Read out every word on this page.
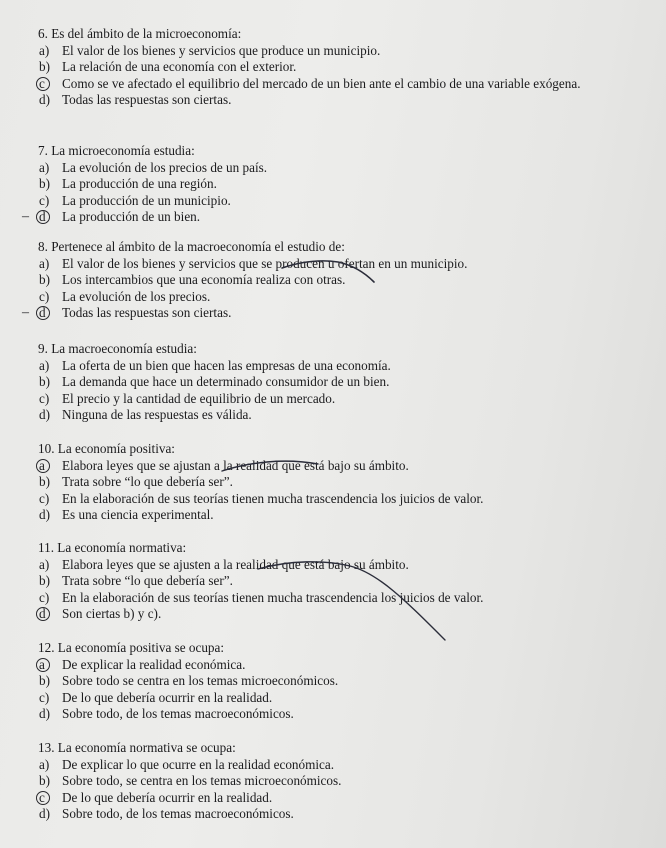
6. Es del ámbito de la microeconomía:
a) El valor de los bienes y servicios que produce un municipio.
b) La relación de una economía con el exterior.
c	Como se ve afectado el equilibrio del mercado de un bien ante el cambio de una variable exógena.
d) Todas las respuestas son ciertas.
7. La microeconomía estudia:
a) La evolución de los precios de un país.
b) La producción de una región.
c) La producción de un municipio.
– d	La producción de un bien.
8. Pertenece al ámbito de la macroeconomía el estudio de:
a) El valor de los bienes y servicios que se producen u ofertan en un municipio.
b) Los intercambios que una economía realiza con otras.
c) La evolución de los precios.
– d	Todas las respuestas son ciertas.
9. La macroeconomía estudia:
a) La oferta de un bien que hacen las empresas de una economía.
b) La demanda que hace un determinado consumidor de un bien.
c) El precio y la cantidad de equilibrio de un mercado.
d) Ninguna de las respuestas es válida.
10. La economía positiva:
a	Elabora leyes que se ajustan a la realidad que está bajo su ámbito.
b) Trata sobre “lo que debería ser”.
c) En la elaboración de sus teorías tienen mucha trascendencia los juicios de valor.
d) Es una ciencia experimental.
11. La economía normativa:
a) Elabora leyes que se ajusten a la realidad que está bajo su ámbito.
b) Trata sobre “lo que debería ser”.
c) En la elaboración de sus teorías tienen mucha trascendencia los juicios de valor.
d	Son ciertas b) y c).
12. La economía positiva se ocupa:
a	De explicar la realidad económica.
b) Sobre todo se centra en los temas microeconómicos.
c) De lo que debería ocurrir en la realidad.
d) Sobre todo, de los temas macroeconómicos.
13. La economía normativa se ocupa:
a) De explicar lo que ocurre en la realidad económica.
b) Sobre todo, se centra en los temas microeconómicos.
c	De lo que debería ocurrir en la realidad.
d) Sobre todo, de los temas macroeconómicos.
